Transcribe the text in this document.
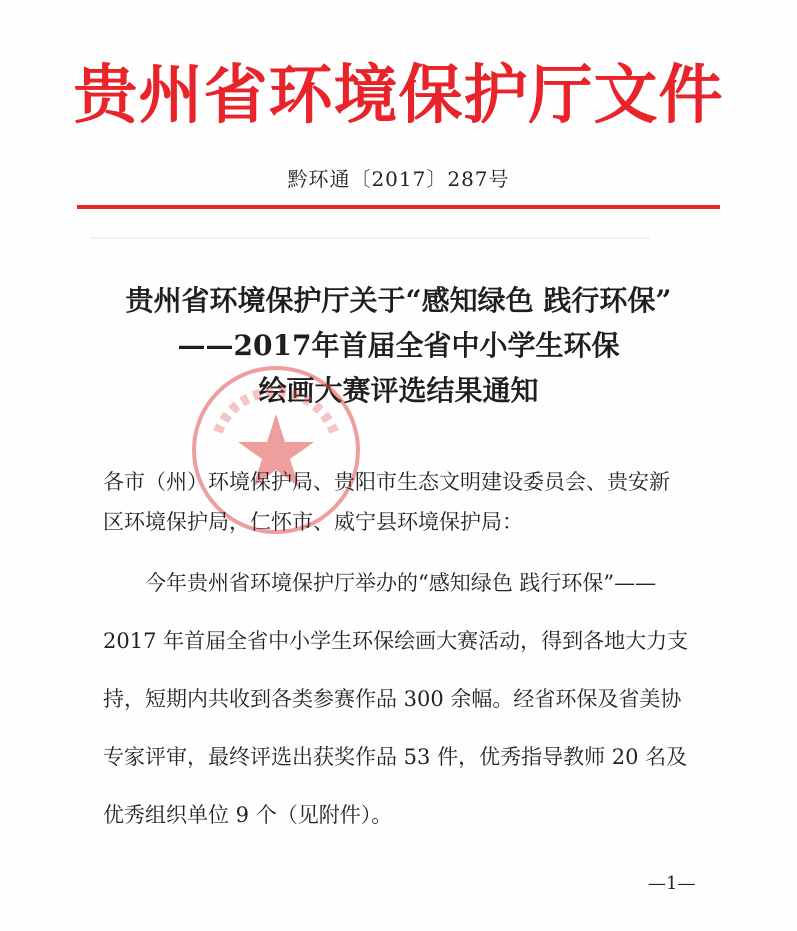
贵州省环境保护厅文件
黔环通〔2017〕287号
贵州省环境保护厅关于“感知绿色 践行环保”
——2017年首届全省中小学生环保
绘画大赛评选结果通知
各市（州）环境保护局、贵阳市生态文明建设委员会、贵安新
区环境保护局，仁怀市、威宁县环境保护局：
今年贵州省环境保护厅举办的“感知绿色 践行环保”——
2017 年首届全省中小学生环保绘画大赛活动，得到各地大力支
持，短期内共收到各类参赛作品 300 余幅。经省环保及省美协
专家评审，最终评选出获奖作品 53 件，优秀指导教师 20 名及
优秀组织单位 9 个（见附件）。
—1—
